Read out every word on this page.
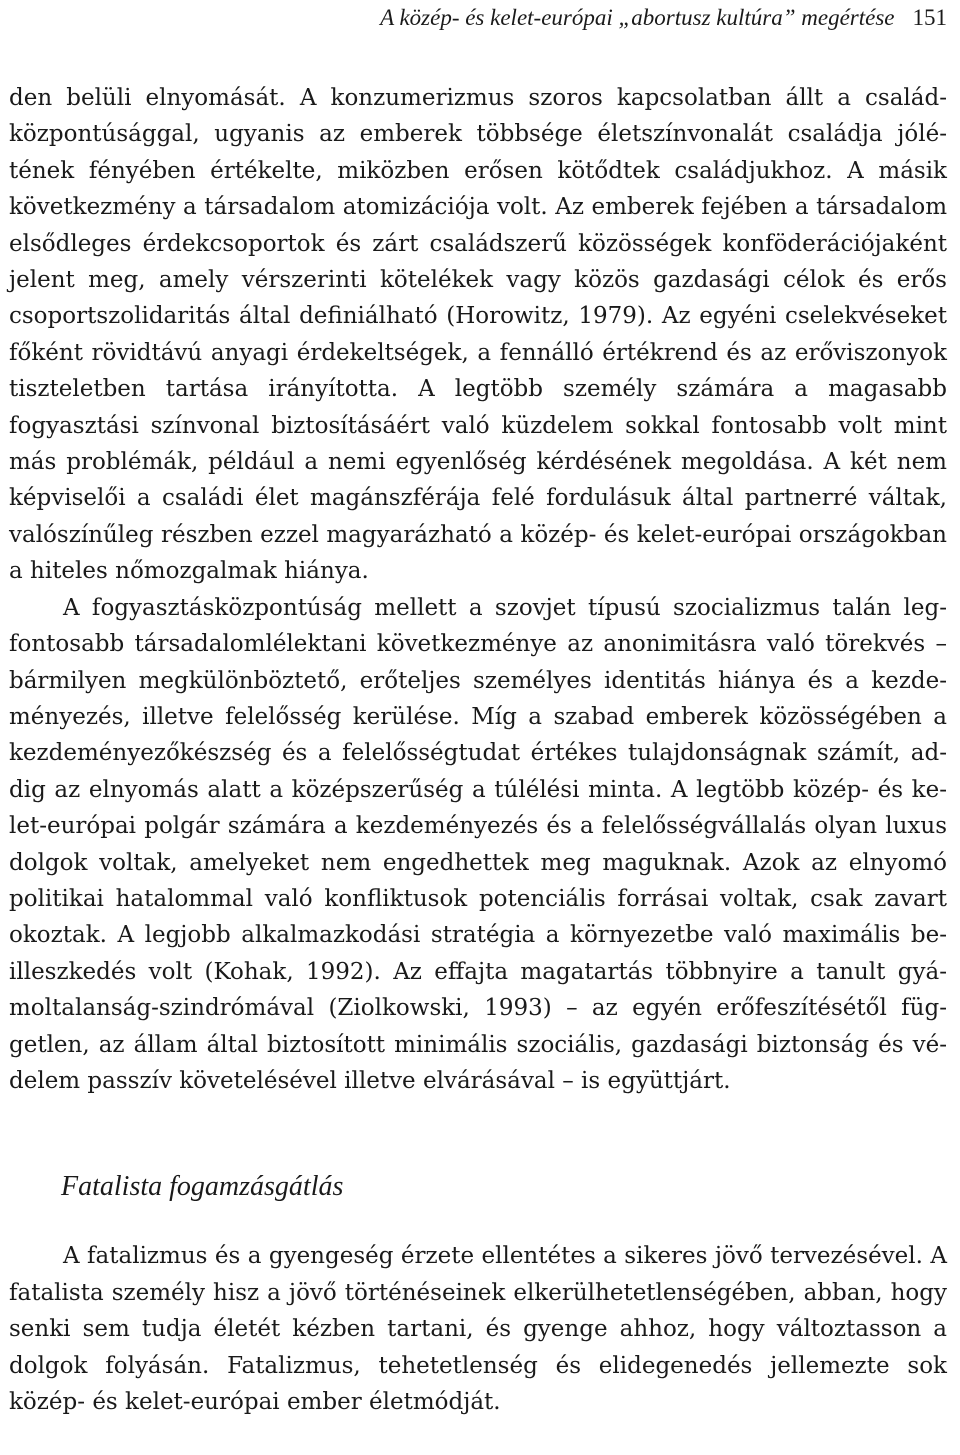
A közép- és kelet-európai „abortusz kultúra” megértése 151

den belüli elnyomását. A konzumerizmus szoros kapcsolatban állt a családközpontúsággal, ugyanis az emberek többsége életszínvonalát családja jólétének fényében értékelte, miközben erősen kötődtek családjukhoz. A másik következmény a társadalom atomizációja volt. Az emberek fejében a társadalom elsődleges érdekcsoportok és zárt családszerű közösségek konföderációjaként jelent meg, amely vérszerinti kötelékek vagy közös gazdasági célok és erős csoportszolidaritás által definiálható (Horowitz, 1979). Az egyéni cselekvéseket főként rövidtávú anyagi érdekeltségek, a fennálló értékrend és az erőviszonyok tiszteletben tartása irányította. A legtöbb személy számára a magasabb fogyasztási színvonal biztosításáért való küzdelem sokkal fontosabb volt mint más problémák, például a nemi egyenlőség kérdésének megoldása. A két nem képviselői a családi élet magánszférája felé fordulásuk által partnerré váltak, valószínűleg részben ezzel magyarázható a közép- és kelet-európai országokban a hiteles nőmozgalmak hiánya.

A fogyasztásközpontúság mellett a szovjet típusú szocializmus talán legfontosabb társadalomlélektani következménye az anonimitásra való törekvés – bármilyen megkülönböztető, erőteljes személyes identitás hiánya és a kezdeményezés, illetve felelősség kerülése. Míg a szabad emberek közösségében a kezdeményezőkészség és a felelősségtudat értékes tulajdonságnak számít, addig az elnyomás alatt a középszerűség a túlélési minta. A legtöbb közép- és kelet-európai polgár számára a kezdeményezés és a felelősségvállalás olyan luxus dolgok voltak, amelyeket nem engedhettek meg maguknak. Azok az elnyomó politikai hatalommal való konfliktusok potenciális forrásai voltak, csak zavart okoztak. A legjobb alkalmazkodási stratégia a környezetbe való maximális beilleszkedés volt (Kohak, 1992). Az effajta magatartás többnyire a tanult gyámoltalanság-szindrómával (Ziolkowski, 1993) – az egyén erőfeszítésétől független, az állam által biztosított minimális szociális, gazdasági biztonság és védelem passzív követelésével illetve elvárásával – is együttjárt.

Fatalista fogamzásgátlás

A fatalizmus és a gyengeség érzete ellentétes a sikeres jövő tervezésével. A fatalista személy hisz a jövő történéseinek elkerülhetetlenségében, abban, hogy senki sem tudja életét kézben tartani, és gyenge ahhoz, hogy változtasson a dolgok folyásán. Fatalizmus, tehetetlenség és elidegenedés jellemezte sok közép- és kelet-európai ember életmódját.
